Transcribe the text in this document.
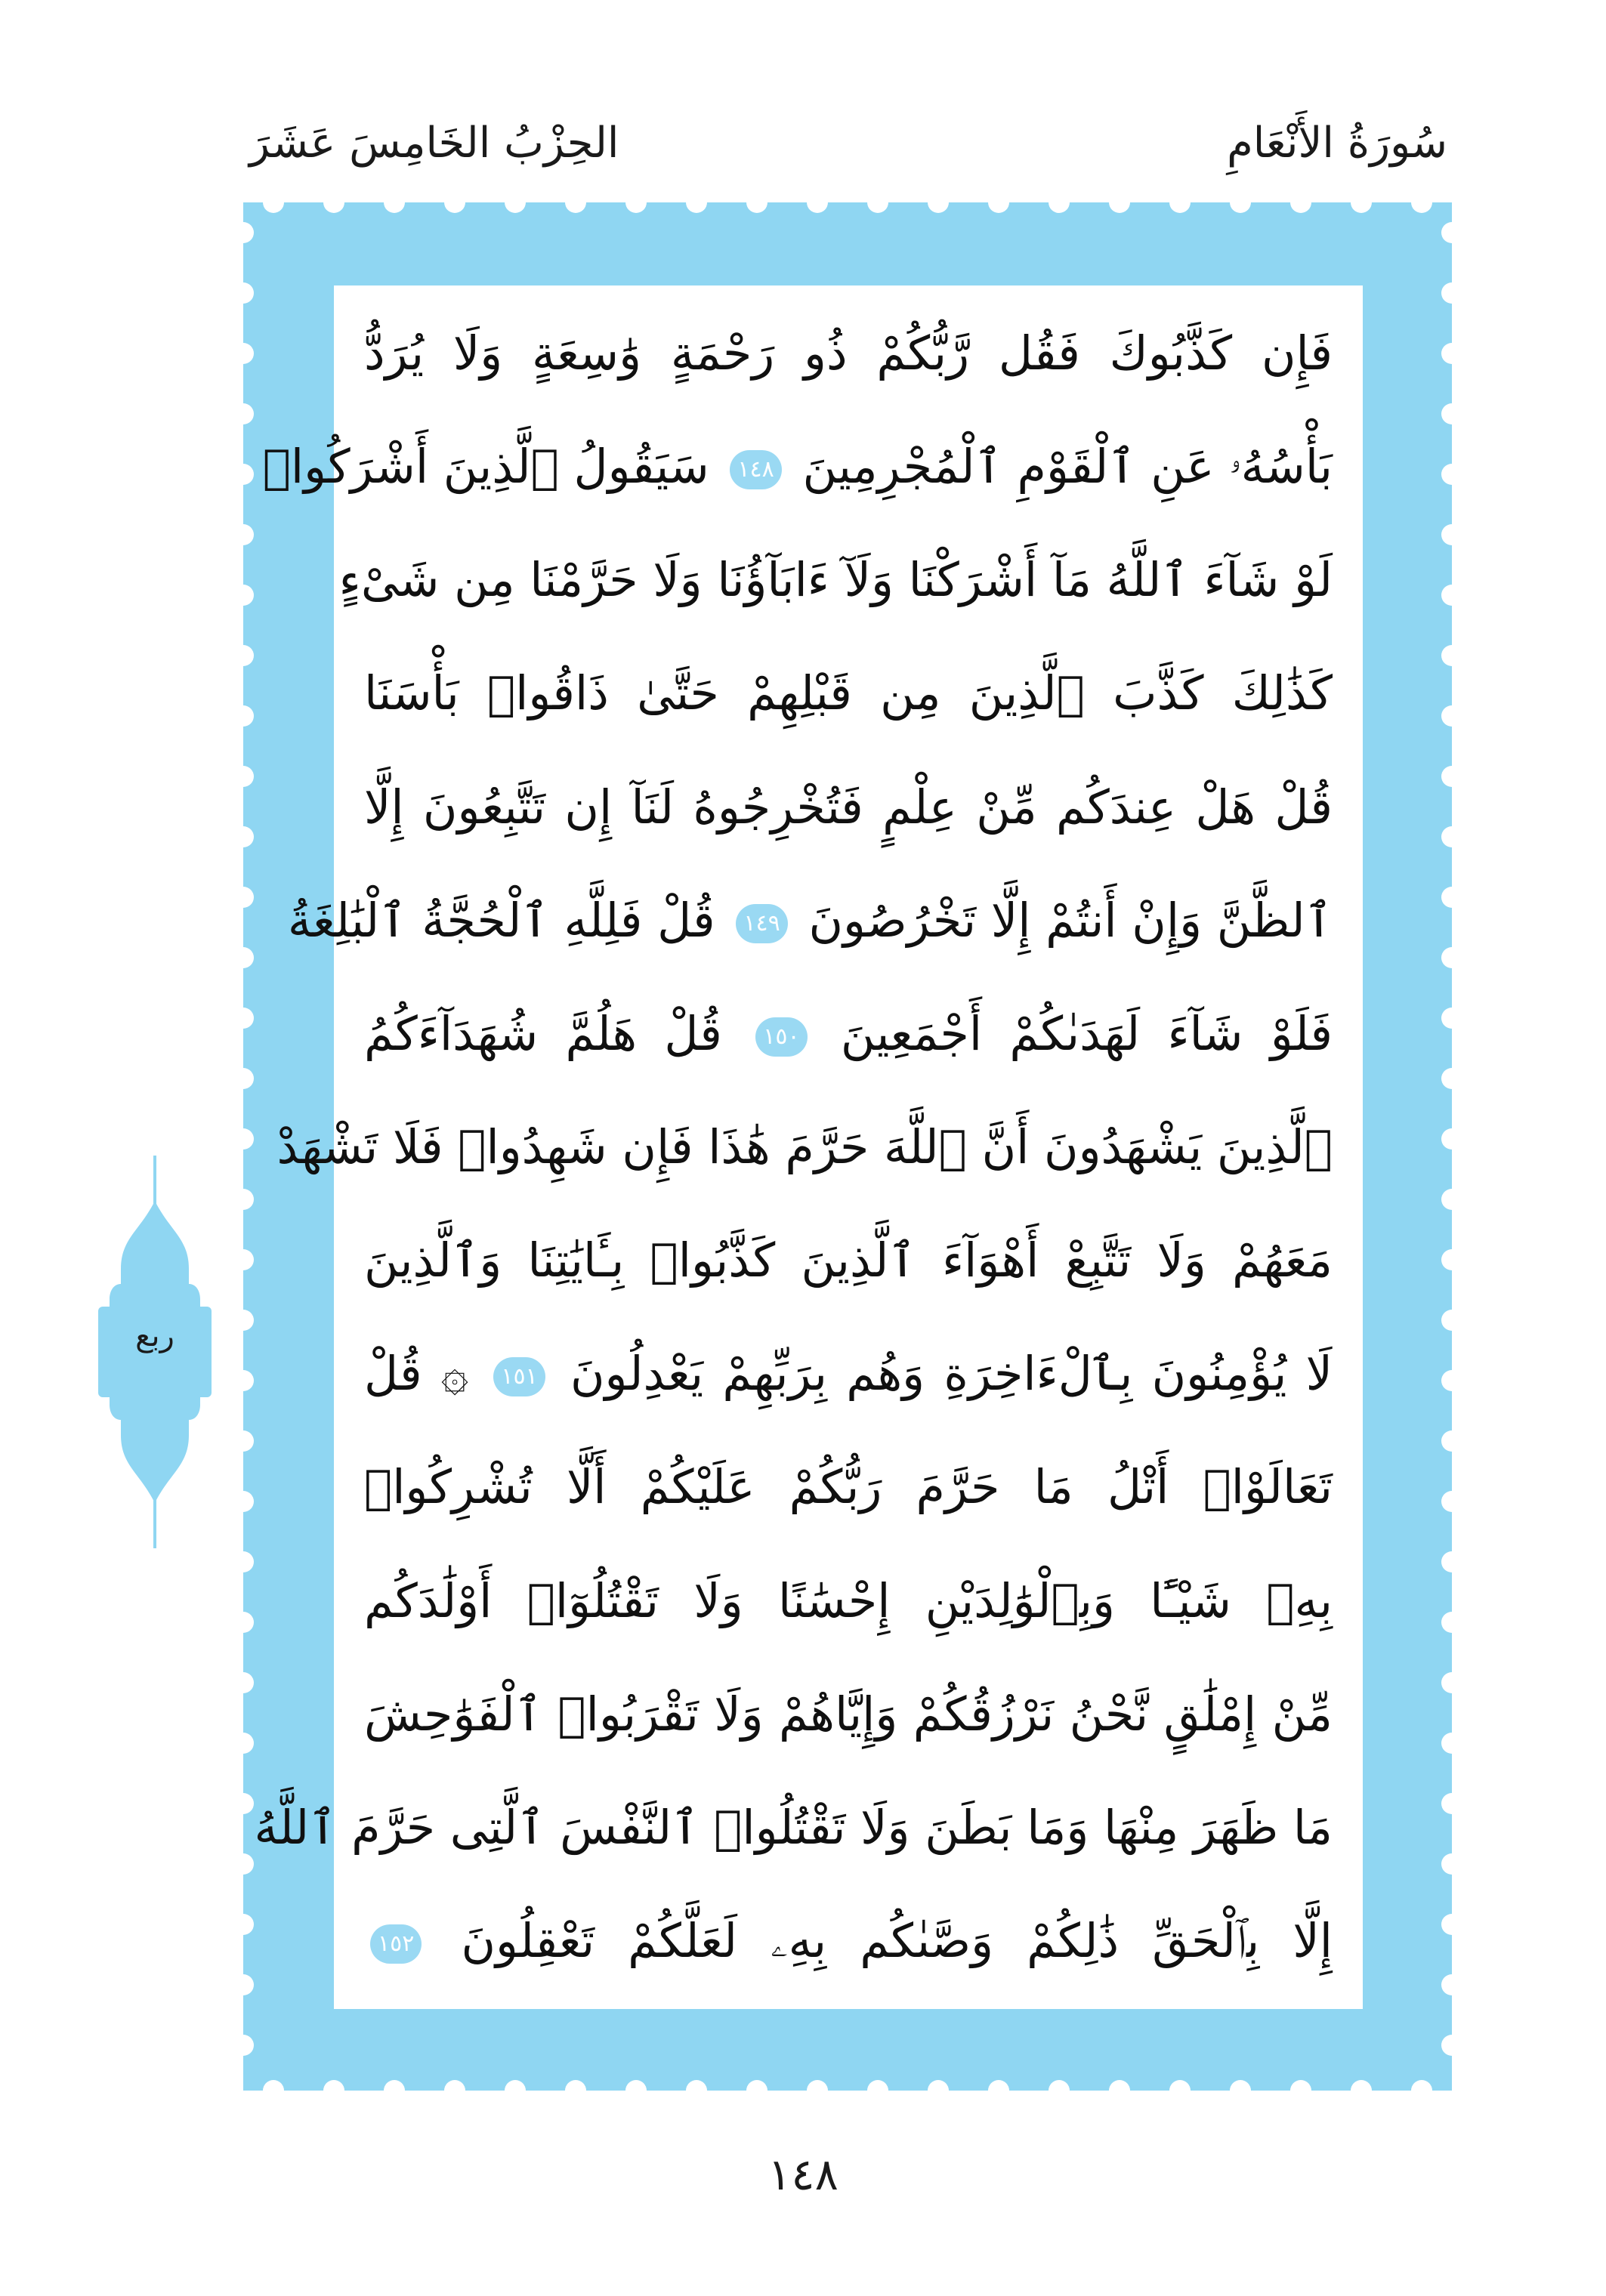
سُورَةُ الأَنْعَامِ
الحِزْبُ الخَامِسَ عَشَرَ
فَإِن كَذَّبُوكَ فَقُل رَّبُّكُمْ ذُو رَحْمَةٍ وَٰسِعَةٍ وَلَا يُرَدُّ
بَأْسُهُۥ عَنِ ٱلْقَوْمِ ٱلْمُجْرِمِينَ ١٤٨ سَيَقُولُ ٱلَّذِينَ أَشْرَكُوا۟
لَوْ شَآءَ ٱللَّهُ مَآ أَشْرَكْنَا وَلَآ ءَابَآؤُنَا وَلَا حَرَّمْنَا مِن شَىْءٍ
كَذَٰلِكَ كَذَّبَ ٱلَّذِينَ مِن قَبْلِهِمْ حَتَّىٰ ذَاقُوا۟ بَأْسَنَا
قُلْ هَلْ عِندَكُم مِّنْ عِلْمٍ فَتُخْرِجُوهُ لَنَآ إِن تَتَّبِعُونَ إِلَّا
ٱلظَّنَّ وَإِنْ أَنتُمْ إِلَّا تَخْرُصُونَ ١٤٩ قُلْ فَلِلَّهِ ٱلْحُجَّةُ ٱلْبَٰلِغَةُ
فَلَوْ شَآءَ لَهَدَىٰكُمْ أَجْمَعِينَ ١٥٠ قُلْ هَلُمَّ شُهَدَآءَكُمُ
ٱلَّذِينَ يَشْهَدُونَ أَنَّ ٱللَّهَ حَرَّمَ هَٰذَا فَإِن شَهِدُوا۟ فَلَا تَشْهَدْ
مَعَهُمْ وَلَا تَتَّبِعْ أَهْوَآءَ ٱلَّذِينَ كَذَّبُوا۟ بِـَٔايَٰتِنَا وَٱلَّذِينَ
لَا يُؤْمِنُونَ بِٱلْءَاخِرَةِ وَهُم بِرَبِّهِمْ يَعْدِلُونَ ١٥١ ۞ قُلْ
تَعَالَوْا۟ أَتْلُ مَا حَرَّمَ رَبُّكُمْ عَلَيْكُمْ أَلَّا تُشْرِكُوا۟
بِهِۦ شَيْـًٔا وَبِٱلْوَٰلِدَيْنِ إِحْسَٰنًا وَلَا تَقْتُلُوٓا۟ أَوْلَٰدَكُم
مِّنْ إِمْلَٰقٍ نَّحْنُ نَرْزُقُكُمْ وَإِيَّاهُمْ وَلَا تَقْرَبُوا۟ ٱلْفَوَٰحِشَ
مَا ظَهَرَ مِنْهَا وَمَا بَطَنَ وَلَا تَقْتُلُوا۟ ٱلنَّفْسَ ٱلَّتِى حَرَّمَ ٱللَّهُ
إِلَّا بِٱلْحَقِّ ذَٰلِكُمْ وَصَّىٰكُم بِهِۦ لَعَلَّكُمْ تَعْقِلُونَ ١٥٢
ربع
١٤٨
